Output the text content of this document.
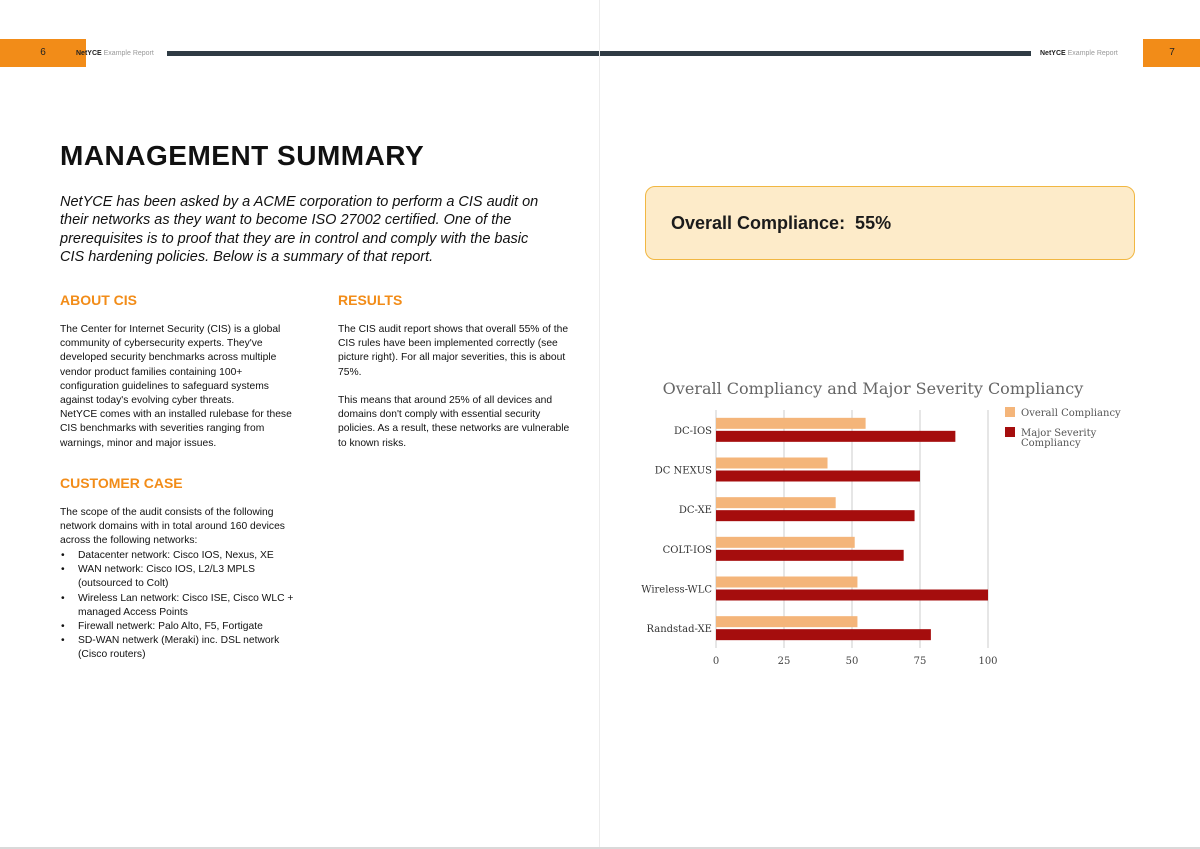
6	NetYCE Example Report	NetYCE Example Report	7
MANAGEMENT SUMMARY

NetYCE has been asked by a ACME corporation to perform a CIS audit on their networks as they want to become ISO 27002 certified. One of the prerequisites is to proof that they are in control and comply with the basic CIS hardening policies. Below is a summary of that report.

ABOUT CIS

The Center for Internet Security (CIS) is a global community of cybersecurity experts. They've developed security benchmarks across multiple vendor product families containing 100+ configuration guidelines to safeguard systems against today's evolving cyber threats.
NetYCE comes with an installed rulebase for these CIS benchmarks with severities ranging from warnings, minor and major issues.

RESULTS

The CIS audit report shows that overall 55% of the CIS rules have been implemented correctly (see picture right). For all major severities, this is about 75%.

This means that around 25% of all devices and domains don't comply with essential security policies. As a result, these networks are vulnerable to known risks.

CUSTOMER CASE

The scope of the audit consists of the following network domains with in total around 160 devices across the following networks:

• Datacenter network: Cisco IOS, Nexus, XE
• WAN network: Cisco IOS, L2/L3 MPLS (outsourced to Colt)
• Wireless Lan network: Cisco ISE, Cisco WLC + managed Access Points
• Firewall netwerk: Palo Alto, F5, Fortigate
• SD-WAN netwerk (Meraki) inc. DSL network (Cisco routers)
Overall Compliance:  55%
Overall Compliancy and Major Severity Compliancy
DC-IOS
DC NEXUS
DC-XE
COLT-IOS
Wireless-WLC
Randstad-XE
0	25	50	75	100
Overall Compliancy
Major Severity
Compliancy
